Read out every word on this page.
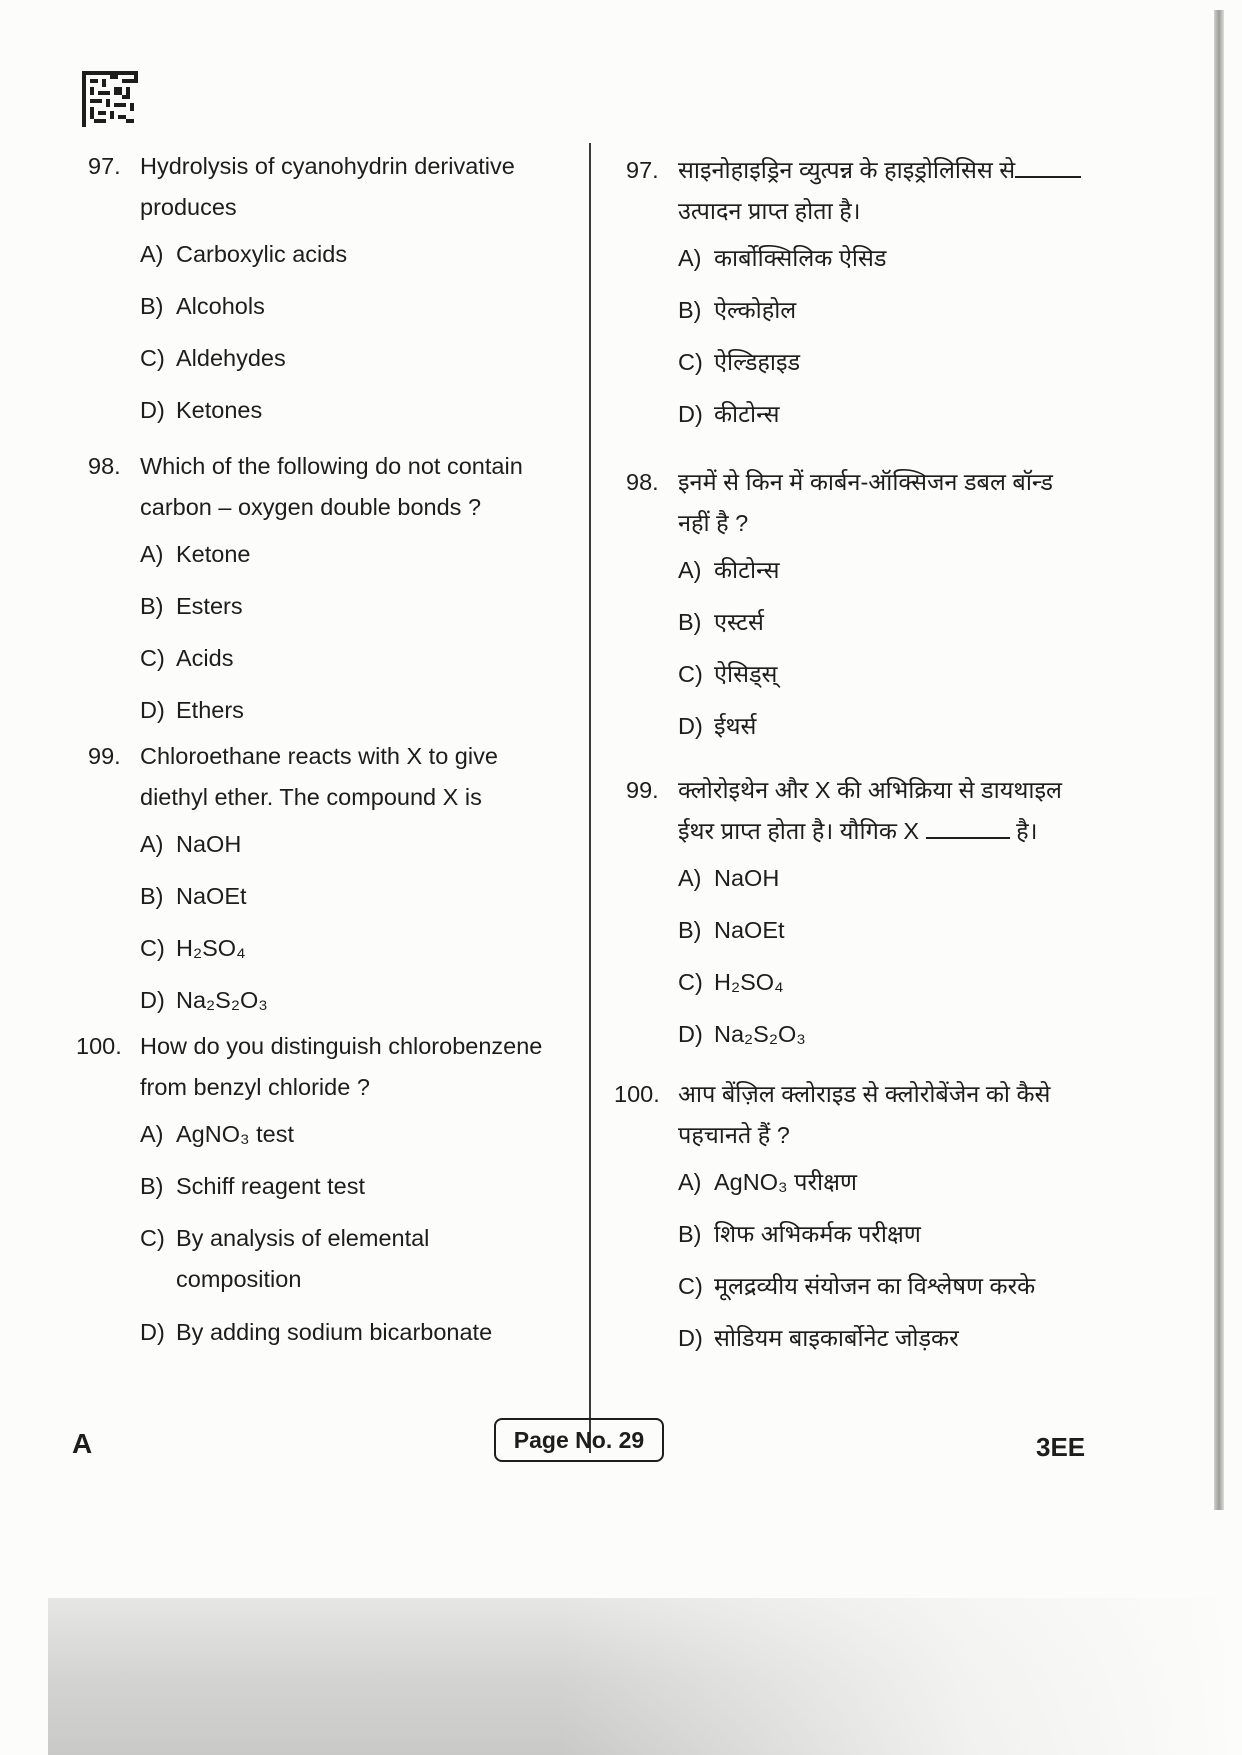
97. Hydrolysis of cyanohydrin derivative
produces
A) Carboxylic acids
B) Alcohols
C) Aldehydes
D) Ketones
98. Which of the following do not contain
carbon – oxygen double bonds ?
A) Ketone
B) Esters
C) Acids
D) Ethers
99. Chloroethane reacts with X to give
diethyl ether. The compound X is
A) NaOH
B) NaOEt
C) H₂SO₄
D) Na₂S₂O₃
100. How do you distinguish chlorobenzene
from benzyl chloride ?
A) AgNO₃ test
B) Schiff reagent test
C) By analysis of elemental
composition
D) By adding sodium bicarbonate
97. साइनोहाइड्रिन व्युत्पन्न के हाइड्रोलिसिस से
उत्पादन प्राप्त होता है।
A) कार्बोक्सिलिक ऐसिड
B) ऐल्कोहोल
C) ऐल्डिहाइड
D) कीटोन्स
98. इनमें से किन में कार्बन-ऑक्सिजन डबल बॉन्ड
नहीं है ?
A) कीटोन्स
B) एस्टर्स
C) ऐसिड्स्
D) ईथर्स
99. क्लोरोइथेन और X की अभिक्रिया से डायथाइल
ईथर प्राप्त होता है। यौगिक X	है।
A) NaOH
B) NaOEt
C) H₂SO₄
D) Na₂S₂O₃
100. आप बेंज़िल क्लोराइड से क्लोरोबेंजेन को कैसे
पहचानते हैं ?
A) AgNO₃ परीक्षण
B) शिफ अभिकर्मक परीक्षण
C) मूलद्रव्यीय संयोजन का विश्लेषण करके
D) सोडियम बाइकार्बोनेट जोड़कर
A	Page No. 29	3EE
